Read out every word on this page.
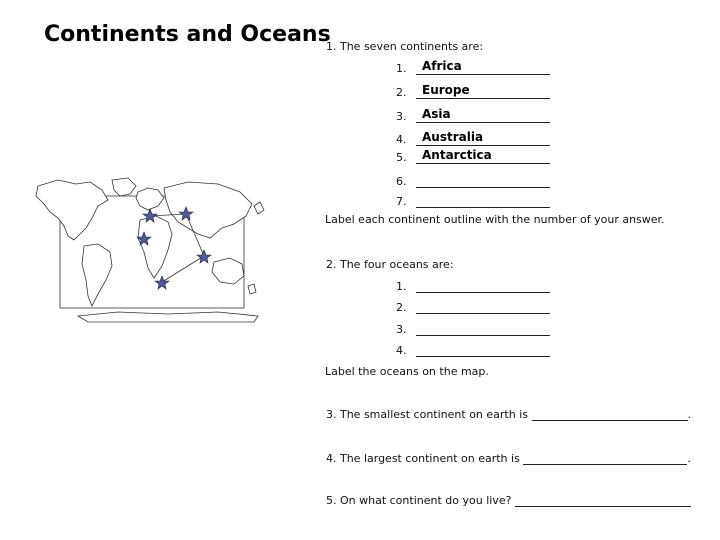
Continents and Oceans
1. The seven continents are:
1. Africa
2. Europe
3. Asia
4. Australia
5. Antarctica
6.
7.
Label each continent outline with the number of your answer.
2. The four oceans are:
1.
2.
3.
4.
Label the oceans on the map.
3. The smallest continent on earth is	.
4. The largest continent on earth is	.
5. On what continent do you live?
